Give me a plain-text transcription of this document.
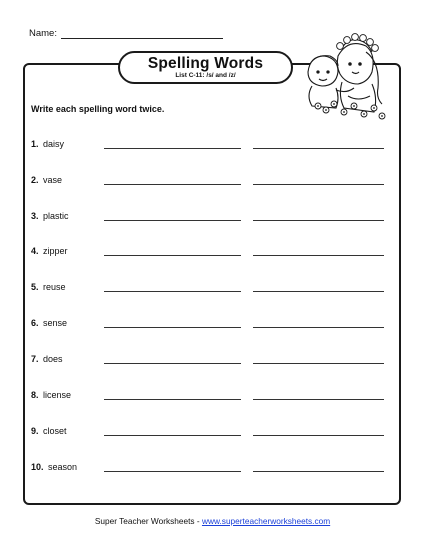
Name:
Spelling Words
List C-11: /s/ and /z/
Write each spelling word twice.
1. daisy
2. vase
3. plastic
4. zipper
5. reuse
6. sense
7. does
8. license
9. closet
10. season
Super Teacher Worksheets - www.superteacherworksheets.com
